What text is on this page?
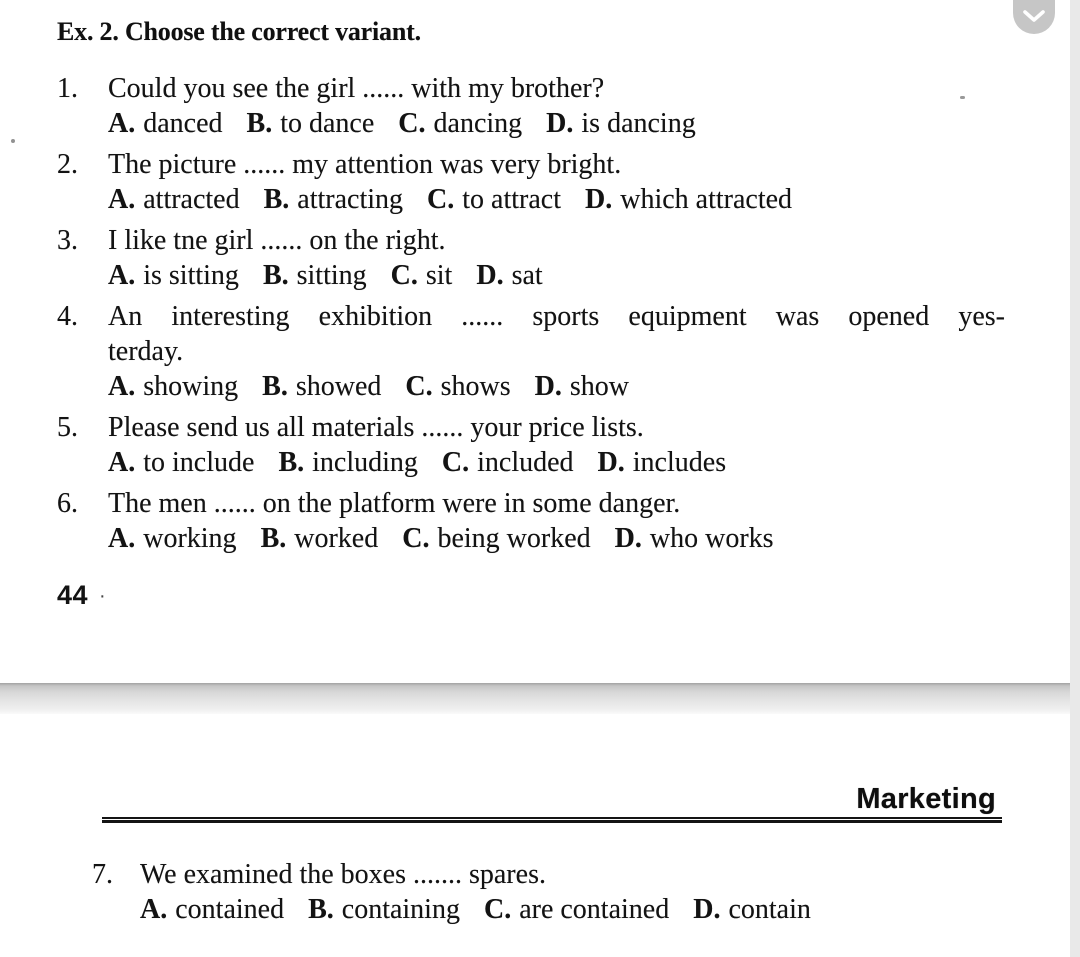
Ex. 2. Choose the correct variant.
1.	Could you see the girl ...... with my brother?
A. danced B. to dance C. dancing D. is dancing
2.	The picture ...... my attention was very bright.
A. attracted B. attracting C. to attract D. which attracted
3.	I like tne girl ...... on the right.
A. is sitting B. sitting C. sit D. sat
4.	An interesting exhibition ...... sports equipment was opened yes-
terday.
A. showing B. showed C. shows D. show
5.	Please send us all materials ...... your price lists.
A. to include B. including C. included D. includes
6.	The men ...... on the platform were in some danger.
A. working B. worked C. being worked D. who works
44 ·
Marketing
7. We examined the boxes ....... spares.
A. contained B. containing C. are contained D. contain
